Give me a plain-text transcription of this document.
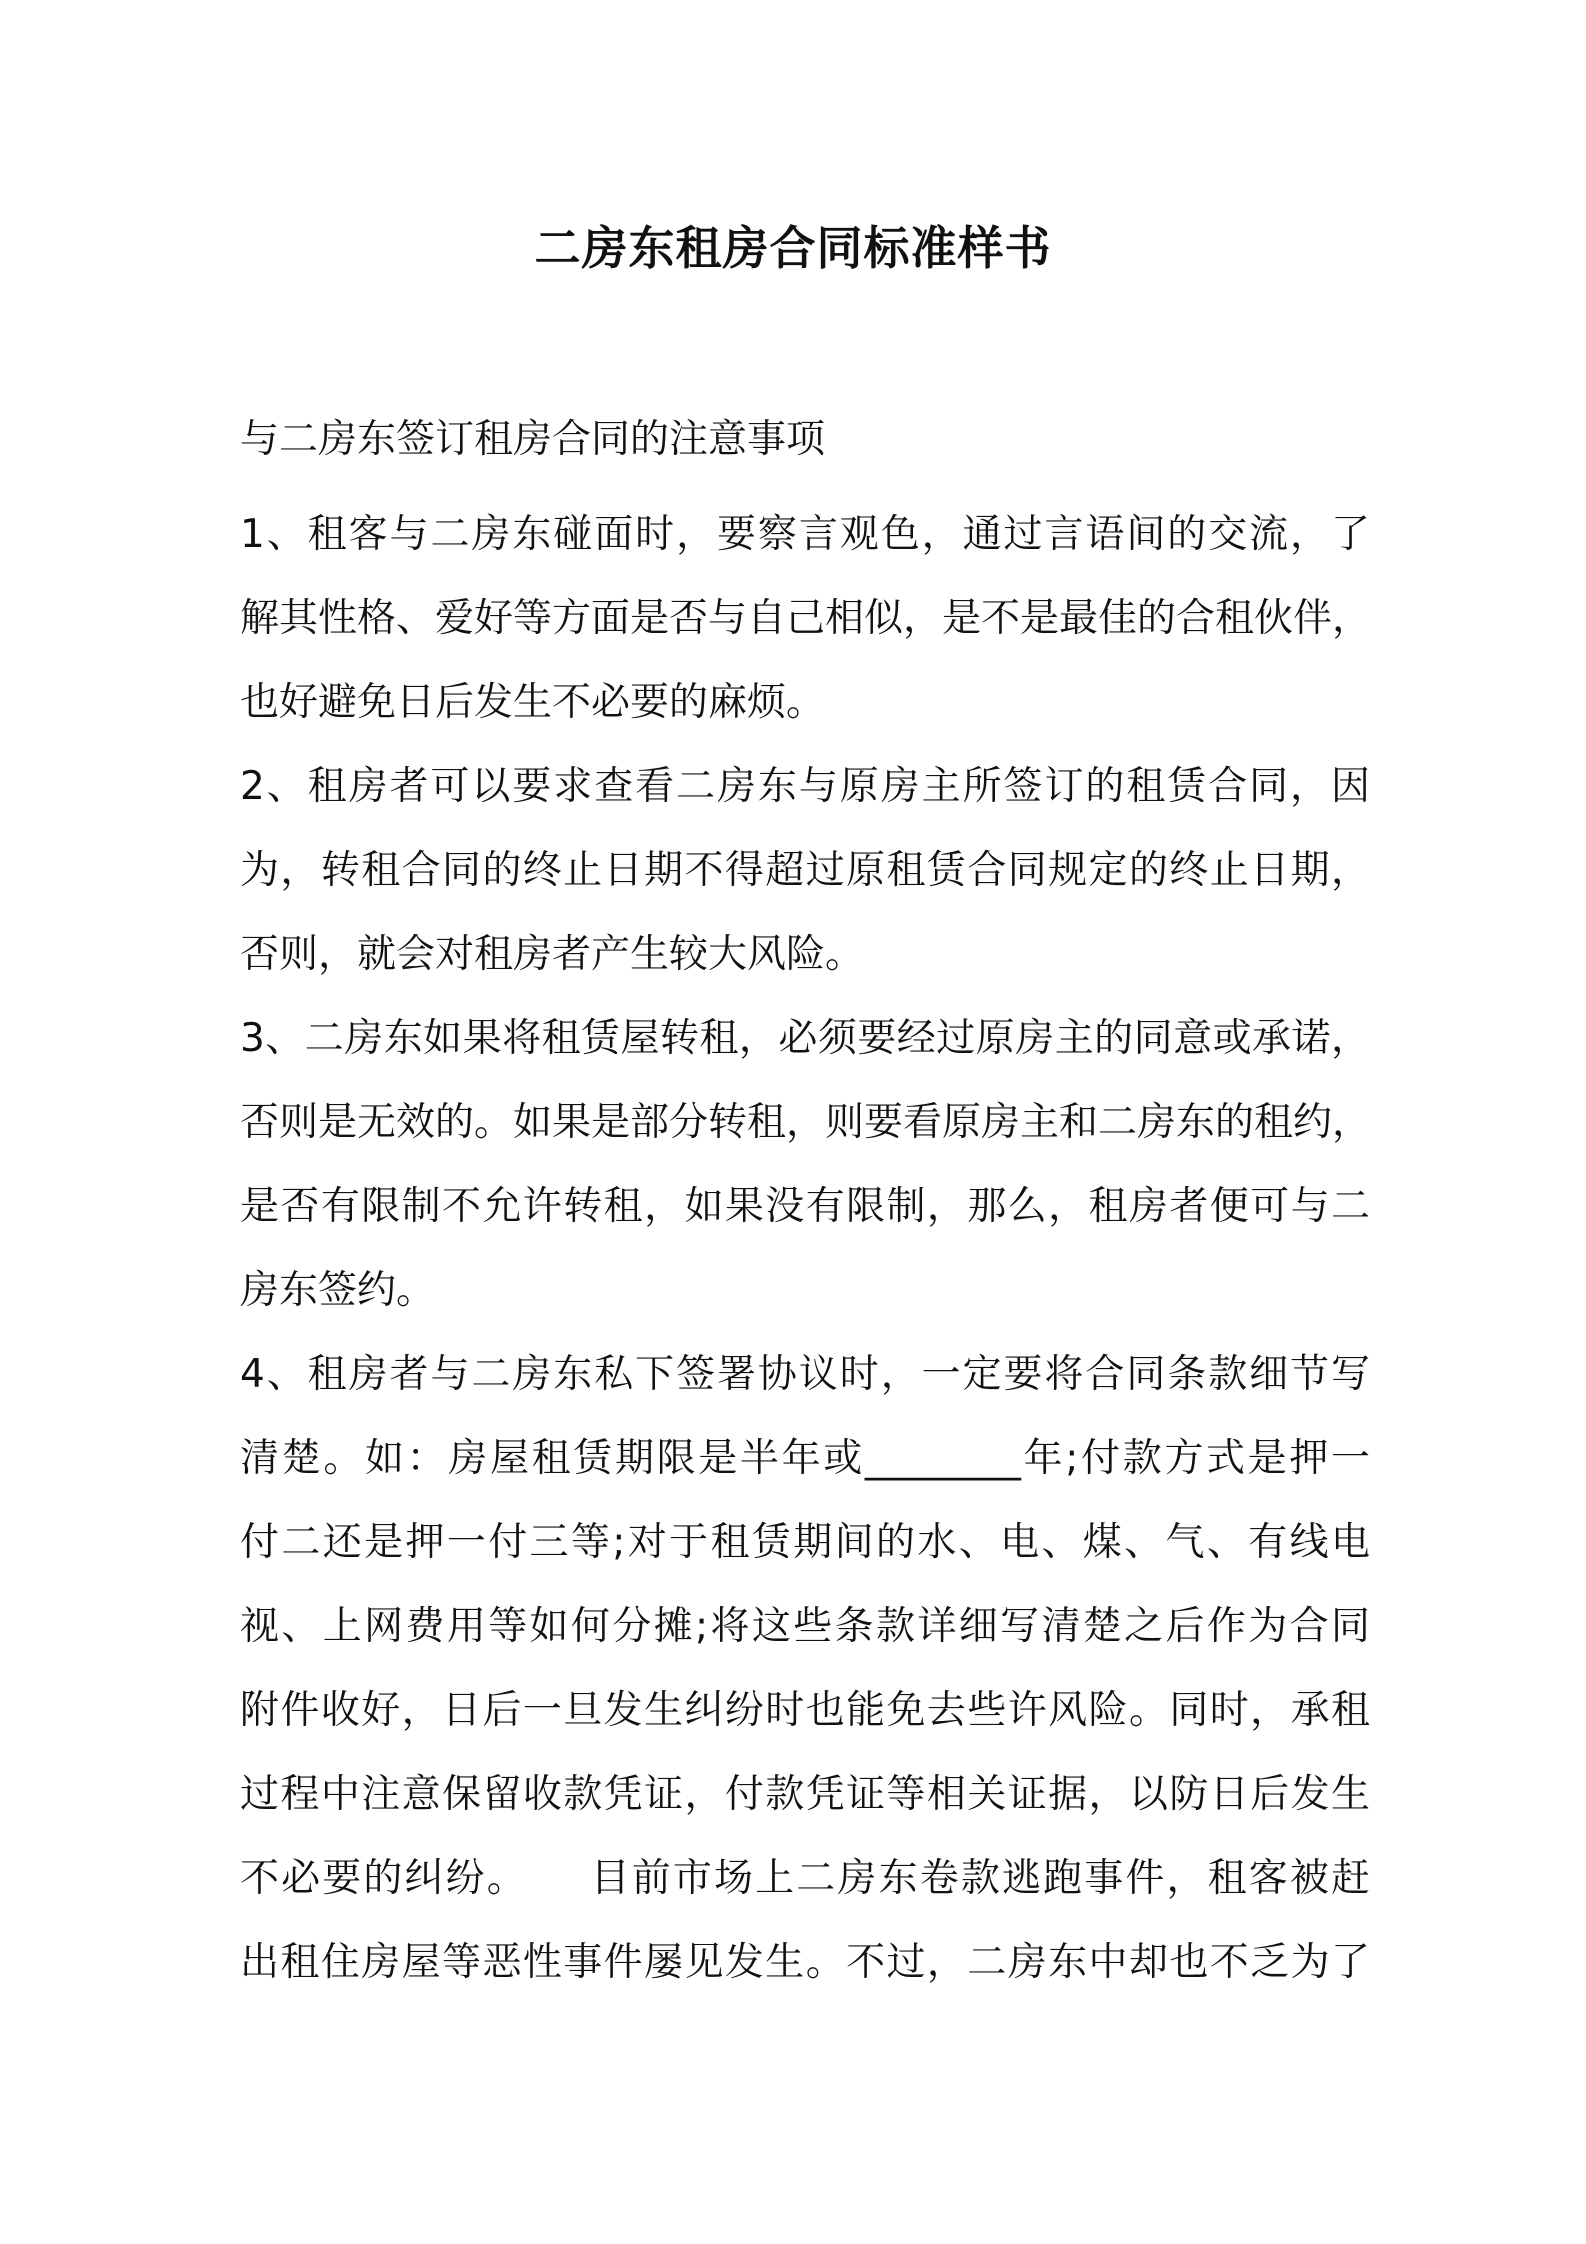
二房东租房合同标准样书
与二房东签订租房合同的注意事项
1、租客与二房东碰面时，要察言观色，通过言语间的交流，了
解其性格、爱好等方面是否与自己相似，是不是最佳的合租伙伴，
也好避免日后发生不必要的麻烦。
2、租房者可以要求查看二房东与原房主所签订的租赁合同，因
为，转租合同的终止日期不得超过原租赁合同规定的终止日期，
否则，就会对租房者产生较大风险。
3、二房东如果将租赁屋转租，必须要经过原房主的同意或承诺，
否则是无效的。如果是部分转租，则要看原房主和二房东的租约，
是否有限制不允许转租，如果没有限制，那么，租房者便可与二
房东签约。
4、租房者与二房东私下签署协议时，一定要将合同条款细节写
清楚。如：房屋租赁期限是半年或________年;付款方式是押一
付二还是押一付三等;对于租赁期间的水、电、煤、气、有线电
视、上网费用等如何分摊;将这些条款详细写清楚之后作为合同
附件收好，日后一旦发生纠纷时也能免去些许风险。同时，承租
过程中注意保留收款凭证，付款凭证等相关证据，以防日后发生
不必要的纠纷。　　目前市场上二房东卷款逃跑事件，租客被赶
出租住房屋等恶性事件屡见发生。不过，二房东中却也不乏为了
